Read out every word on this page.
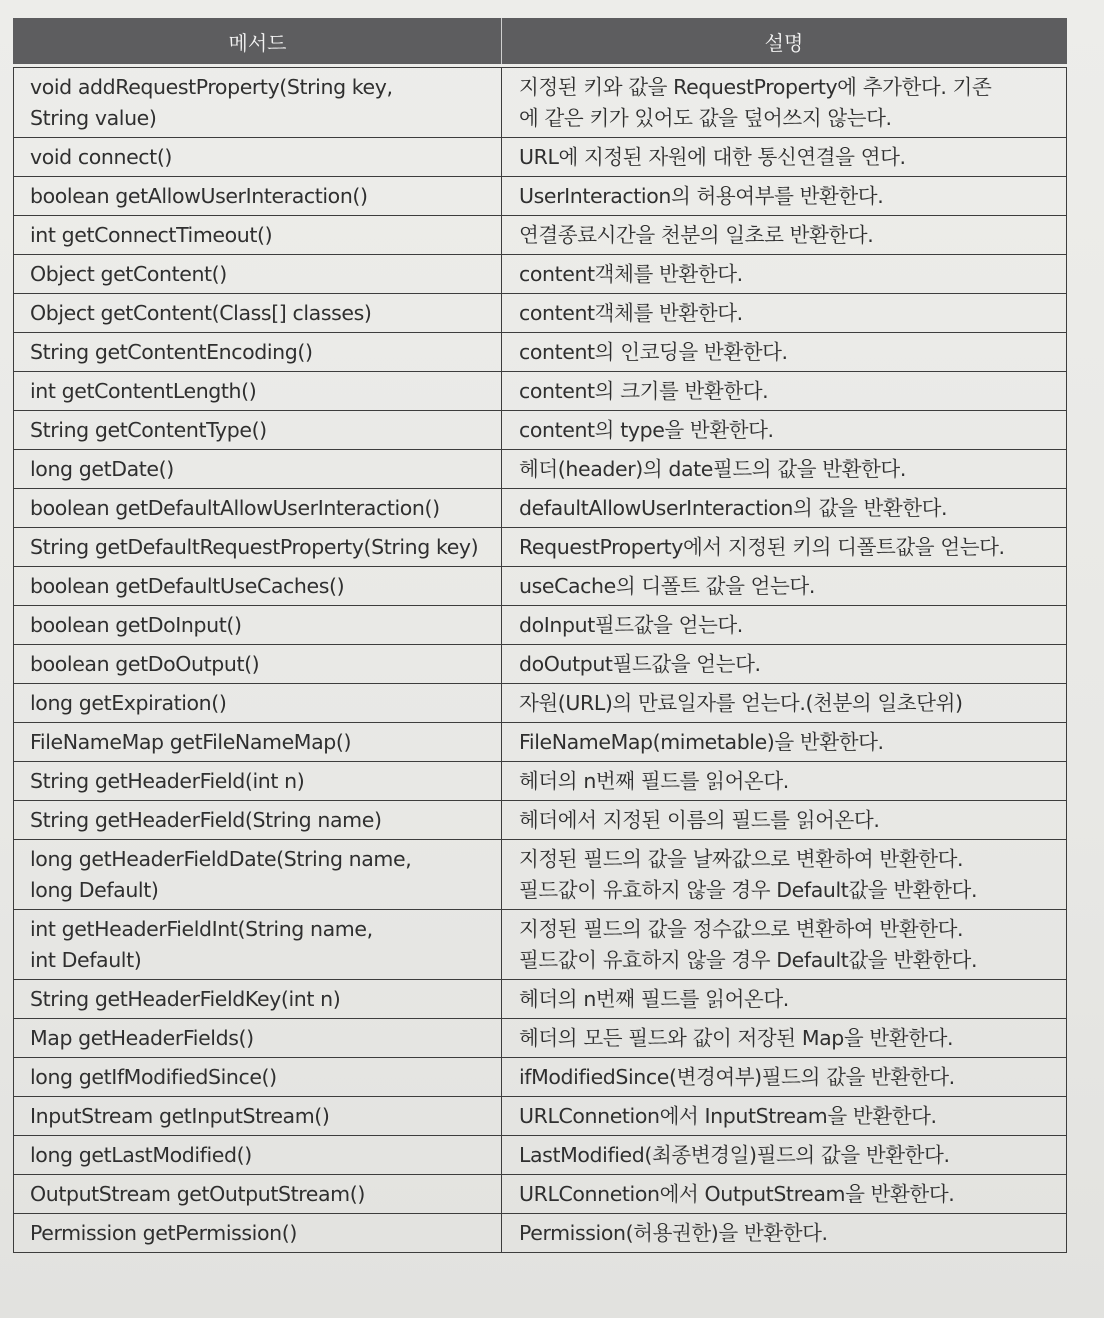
메서드	설명

void addRequestProperty(String key,
String value)	지정된 키와 값을 RequestProperty에 추가한다. 기존
에 같은 키가 있어도 값을 덮어쓰지 않는다.
void connect()	URL에 지정된 자원에 대한 통신연결을 연다.
boolean getAllowUserInteraction()	UserInteraction의 허용여부를 반환한다.
int getConnectTimeout()	연결종료시간을 천분의 일초로 반환한다.
Object getContent()	content객체를 반환한다.
Object getContent(Class[] classes)	content객체를 반환한다.
String getContentEncoding()	content의 인코딩을 반환한다.
int getContentLength()	content의 크기를 반환한다.
String getContentType()	content의 type을 반환한다.
long getDate()	헤더(header)의 date필드의 값을 반환한다.
boolean getDefaultAllowUserInteraction()	defaultAllowUserInteraction의 값을 반환한다.
String getDefaultRequestProperty(String key)	RequestProperty에서 지정된 키의 디폴트값을 얻는다.
boolean getDefaultUseCaches()	useCache의 디폴트 값을 얻는다.
boolean getDoInput()	doInput필드값을 얻는다.
boolean getDoOutput()	doOutput필드값을 얻는다.
long getExpiration()	자원(URL)의 만료일자를 얻는다.(천분의 일초단위)
FileNameMap getFileNameMap()	FileNameMap(mimetable)을 반환한다.
String getHeaderField(int n)	헤더의 n번째 필드를 읽어온다.
String getHeaderField(String name)	헤더에서 지정된 이름의 필드를 읽어온다.
long getHeaderFieldDate(String name,
long Default)	지정된 필드의 값을 날짜값으로 변환하여 반환한다.
필드값이 유효하지 않을 경우 Default값을 반환한다.
int getHeaderFieldInt(String name,
int Default)	지정된 필드의 값을 정수값으로 변환하여 반환한다.
필드값이 유효하지 않을 경우 Default값을 반환한다.
String getHeaderFieldKey(int n)	헤더의 n번째 필드를 읽어온다.
Map getHeaderFields()	헤더의 모든 필드와 값이 저장된 Map을 반환한다.
long getIfModifiedSince()	ifModifiedSince(변경여부)필드의 값을 반환한다.
InputStream getInputStream()	URLConnetion에서 InputStream을 반환한다.
long getLastModified()	LastModified(최종변경일)필드의 값을 반환한다.
OutputStream getOutputStream()	URLConnetion에서 OutputStream을 반환한다.
Permission getPermission()	Permission(허용권한)을 반환한다.
